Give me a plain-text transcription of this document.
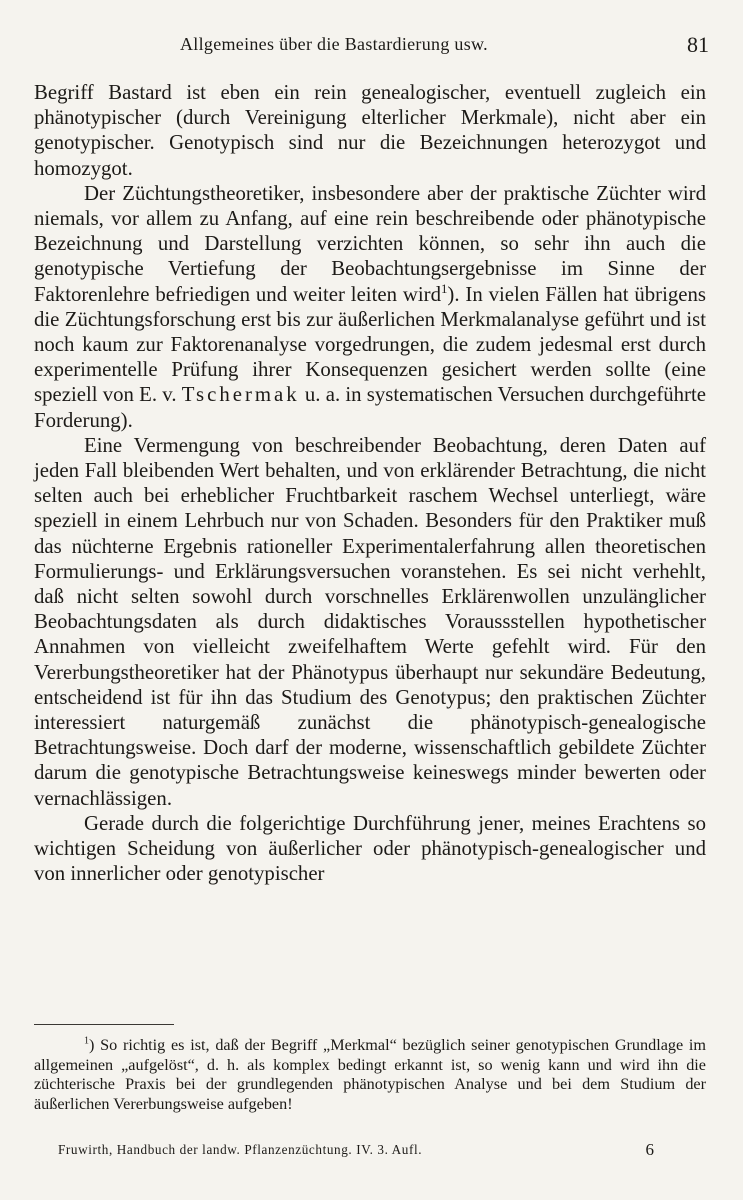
Allgemeines über die Bastardierung usw.	81

Begriff Bastard ist eben ein rein genealogischer, eventuell zugleich ein phänotypischer (durch Vereinigung elterlicher Merkmale), nicht aber ein genotypischer. Genotypisch sind nur die Bezeichnungen heterozygot und homozygot.

Der Züchtungstheoretiker, insbesondere aber der praktische Züchter wird niemals, vor allem zu Anfang, auf eine rein beschreibende oder phänotypische Bezeichnung und Darstellung verzichten können, so sehr ihn auch die genotypische Vertiefung der Beobachtungsergebnisse im Sinne der Faktorenlehre befriedigen und weiter leiten wird$^1$). In vielen Fällen hat übrigens die Züchtungsforschung erst bis zur äußerlichen Merkmalanalyse geführt und ist noch kaum zur Faktorenanalyse vorgedrungen, die zudem jedesmal erst durch experimentelle Prüfung ihrer Konsequenzen gesichert werden sollte (eine speziell von E. v. Tschermak u. a. in systematischen Versuchen durchgeführte Forderung).

Eine Vermengung von beschreibender Beobachtung, deren Daten auf jeden Fall bleibenden Wert behalten, und von erklärender Betrachtung, die nicht selten auch bei erheblicher Fruchtbarkeit raschem Wechsel unterliegt, wäre speziell in einem Lehrbuch nur von Schaden. Besonders für den Praktiker muß das nüchterne Ergebnis rationeller Experimentalerfahrung allen theoretischen Formulierungs- und Erklärungsversuchen voranstehen. Es sei nicht verhehlt, daß nicht selten sowohl durch vorschnelles Erklärenwollen unzulänglicher Beobachtungsdaten als durch didaktisches Voraussstellen hypothetischer Annahmen von vielleicht zweifelhaftem Werte gefehlt wird. Für den Vererbungstheoretiker hat der Phänotypus überhaupt nur sekundäre Bedeutung, entscheidend ist für ihn das Studium des Genotypus; den praktischen Züchter interessiert naturgemäß zunächst die phänotypisch-genealogische Betrachtungsweise. Doch darf der moderne, wissenschaftlich gebildete Züchter darum die genotypische Betrachtungsweise keineswegs minder bewerten oder vernachlässigen.

Gerade durch die folgerichtige Durchführung jener, meines Erachtens so wichtigen Scheidung von äußerlicher oder phänotypisch-genealogischer und von innerlicher oder genotypischer

$^1$) So richtig es ist, daß der Begriff „Merkmal“ bezüglich seiner genotypischen Grundlage im allgemeinen „aufgelöst“, d. h. als komplex bedingt erkannt ist, so wenig kann und wird ihn die züchterische Praxis bei der grundlegenden phänotypischen Analyse und bei dem Studium der äußerlichen Vererbungsweise aufgeben!

Fruwirth, Handbuch der landw. Pflanzenzüchtung. IV. 3. Aufl.	6
